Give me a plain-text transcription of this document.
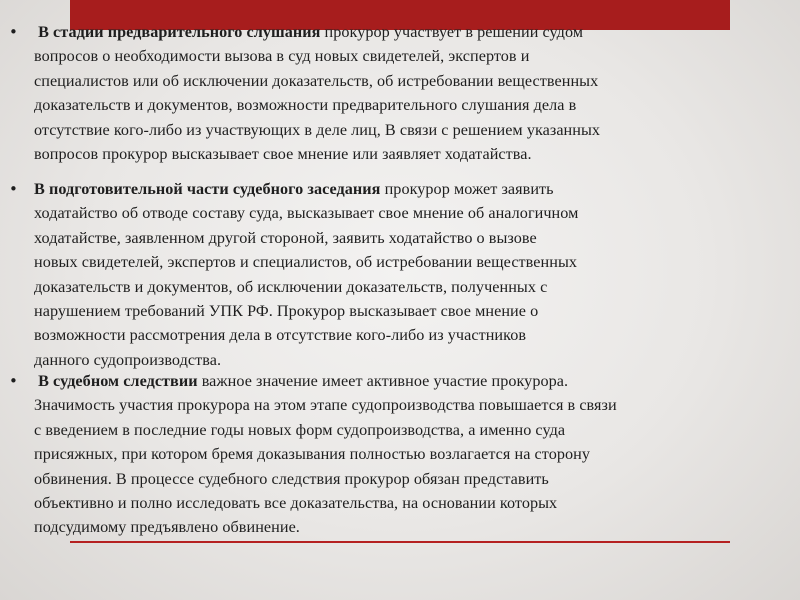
•	В стадии предварительного слушания прокурор участвует в решении судом
вопросов о необходимости вызова в суд новых свидетелей, экспертов и
специалистов или об исключении доказательств, об истребовании вещественных
доказательств и документов, возможности предварительного слушания дела в
отсутствие кого-либо из участвующих в деле лиц, В связи с решением указанных
вопросов прокурор высказывает свое мнение или заявляет ходатайства.
• В подготовительной части судебного заседания прокурор может заявить
ходатайство об отводе составу суда, высказывает свое мнение об аналогичном
ходатайстве, заявленном другой стороной, заявить ходатайство о вызове
новых свидетелей, экспертов и специалистов, об истребовании вещественных
доказательств и документов, об исключении доказательств, полученных с
нарушением требований УПК РФ. Прокурор высказывает свое мнение о
возможности рассмотрения дела в отсутствие кого-либо из участников
данного судопроизводства.
•	В судебном следствии важное значение имеет активное участие прокурора.
Значимость участия прокурора на этом этапе судопроизводства повышается в связи
с введением в последние годы новых форм судопроизводства, а именно суда
присяжных, при котором бремя доказывания полностью возлагается на сторону
обвинения. В процессе судебного следствия прокурор обязан представить
объективно и полно исследовать все доказательства, на основании которых
подсудимому предъявлено обвинение.
